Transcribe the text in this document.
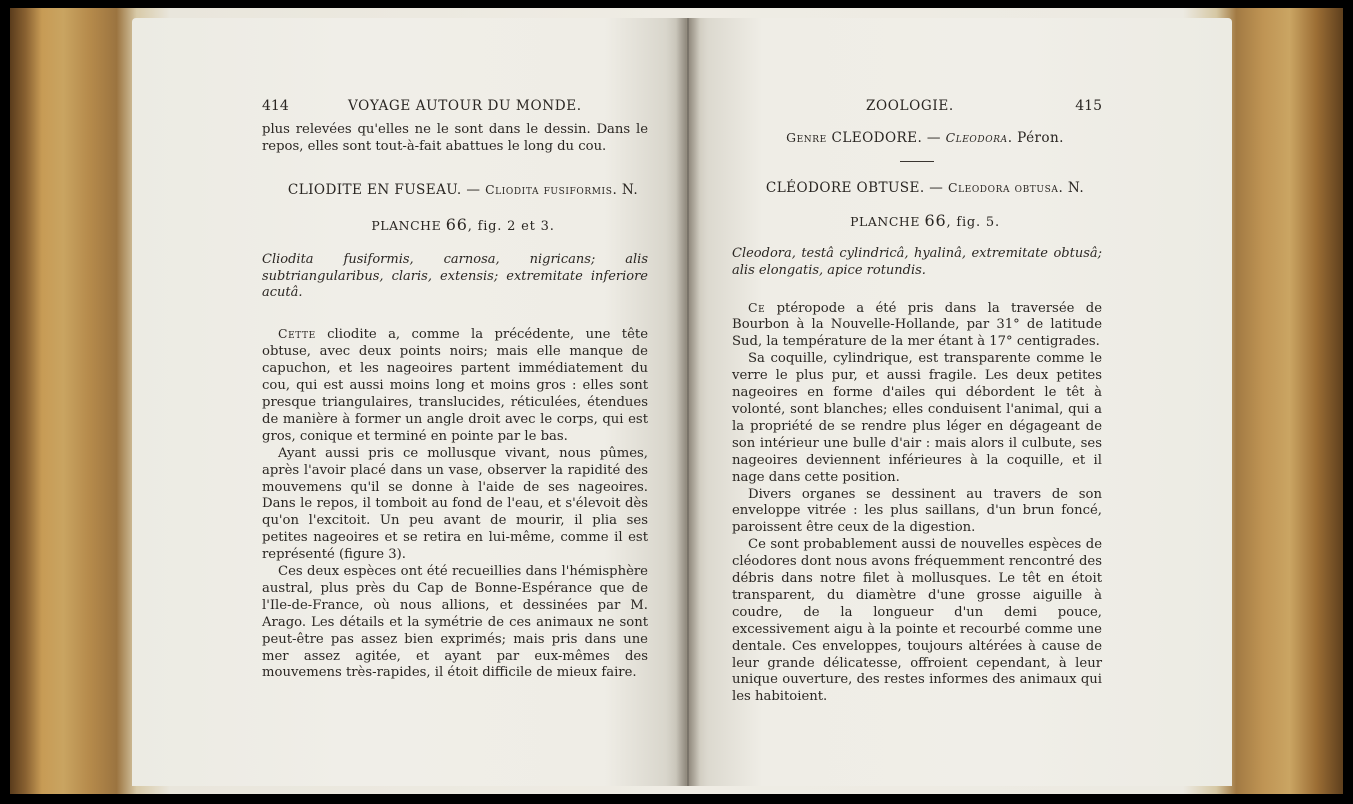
414	VOYAGE AUTOUR DU MONDE.

plus relevées qu'elles ne le sont dans le dessin. Dans le repos, elles sont tout-à-fait abattues le long du cou.

CLIODITE EN FUSEAU. — Cliodita fusiformis. N.

PLANCHE 66, fig. 2 et 3.

Cliodita fusiformis, carnosa, nigricans; alis subtriangularibus, claris, extensis; extremitate inferiore acutâ.

Cette cliodite a, comme la précédente, une tête obtuse, avec deux points noirs; mais elle manque de capuchon, et les nageoires partent immédiatement du cou, qui est aussi moins long et moins gros : elles sont presque triangulaires, translucides, réticulées, étendues de manière à former un angle droit avec le corps, qui est gros, conique et terminé en pointe par le bas.

Ayant aussi pris ce mollusque vivant, nous pûmes, après l'avoir placé dans un vase, observer la rapidité des mouvemens qu'il se donne à l'aide de ses nageoires. Dans le repos, il tomboit au fond de l'eau, et s'élevoit dès qu'on l'excitoit. Un peu avant de mourir, il plia ses petites nageoires et se retira en lui-même, comme il est représenté (figure 3).

Ces deux espèces ont été recueillies dans l'hémisphère austral, plus près du Cap de Bonne-Espérance que de l'Ile-de-France, où nous allions, et dessinées par M. Arago. Les détails et la symétrie de ces animaux ne sont peut-être pas assez bien exprimés; mais pris dans une mer assez agitée, et ayant par eux-mêmes des mouvemens très-rapides, il étoit difficile de mieux faire.

ZOOLOGIE.	415

Genre CLEODORE. — Cleodora. Péron.

CLÉODORE OBTUSE. — Cleodora obtusa. N.

PLANCHE 66, fig. 5.

Cleodora, testâ cylindricâ, hyalinâ, extremitate obtusâ; alis elongatis, apice rotundis.

Ce ptéropode a été pris dans la traversée de Bourbon à la Nouvelle-Hollande, par 31° de latitude Sud, la température de la mer étant à 17° centigrades.

Sa coquille, cylindrique, est transparente comme le verre le plus pur, et aussi fragile. Les deux petites nageoires en forme d'ailes qui débordent le têt à volonté, sont blanches; elles conduisent l'animal, qui a la propriété de se rendre plus léger en dégageant de son intérieur une bulle d'air : mais alors il culbute, ses nageoires deviennent inférieures à la coquille, et il nage dans cette position.

Divers organes se dessinent au travers de son enveloppe vitrée : les plus saillans, d'un brun foncé, paroissent être ceux de la digestion.

Ce sont probablement aussi de nouvelles espèces de cléodores dont nous avons fréquemment rencontré des débris dans notre filet à mollusques. Le têt en étoit transparent, du diamètre d'une grosse aiguille à coudre, de la longueur d'un demi pouce, excessivement aigu à la pointe et recourbé comme une dentale. Ces enveloppes, toujours altérées à cause de leur grande délicatesse, offroient cependant, à leur unique ouverture, des restes informes des animaux qui les habitoient.
